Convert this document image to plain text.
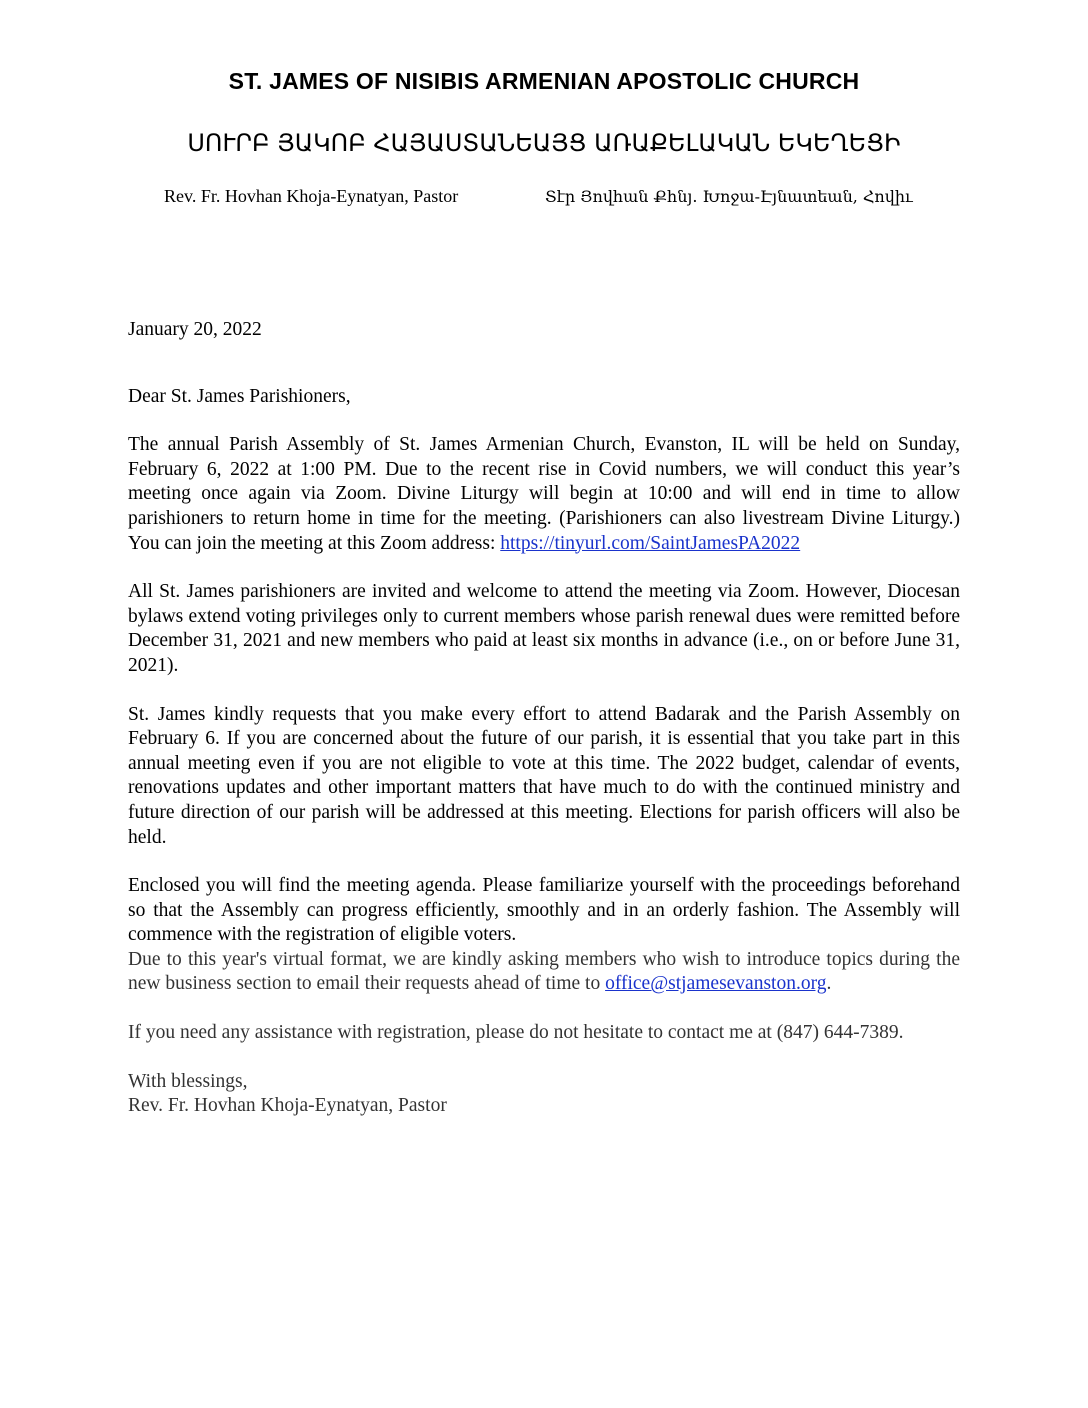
ST. JAMES OF NISIBIS ARMENIAN APOSTOLIC CHURCH
ՍՈՒՐԲ ՅԱԿՈԲ ՀԱՅԱՍՏԱՆԵԱՅՑ ԱՌԱՔԵԼԱԿԱՆ ԵԿԵՂԵՑԻ
Rev. Fr. Hovhan Khoja-Eynatyan, Pastor	Տէր Յովհան Քհնյ. Խոջա-Էյնատեան, Հովիւ

January 20, 2022

Dear St. James Parishioners,

The annual Parish Assembly of St. James Armenian Church, Evanston, IL will be held on Sunday, February 6, 2022 at 1:00 PM. Due to the recent rise in Covid numbers, we will conduct this year’s meeting once again via Zoom. Divine Liturgy will begin at 10:00 and will end in time to allow parishioners to return home in time for the meeting. (Parishioners can also livestream Divine Liturgy.) You can join the meeting at this Zoom address: https://tinyurl.com/SaintJamesPA2022

All St. James parishioners are invited and welcome to attend the meeting via Zoom. However, Diocesan bylaws extend voting privileges only to current members whose parish renewal dues were remitted before December 31, 2021 and new members who paid at least six months in advance (i.e., on or before June 31, 2021).

St. James kindly requests that you make every effort to attend Badarak and the Parish Assembly on February 6. If you are concerned about the future of our parish, it is essential that you take part in this annual meeting even if you are not eligible to vote at this time. The 2022 budget, calendar of events, renovations updates and other important matters that have much to do with the continued ministry and future direction of our parish will be addressed at this meeting. Elections for parish officers will also be held.

Enclosed you will find the meeting agenda. Please familiarize yourself with the proceedings beforehand so that the Assembly can progress efficiently, smoothly and in an orderly fashion. The Assembly will commence with the registration of eligible voters.

Due to this year's virtual format, we are kindly asking members who wish to introduce topics during the new business section to email their requests ahead of time to office@stjamesevanston.org.

If you need any assistance with registration, please do not hesitate to contact me at (847) 644-7389.

With blessings,

Rev. Fr. Hovhan Khoja-Eynatyan, Pastor
